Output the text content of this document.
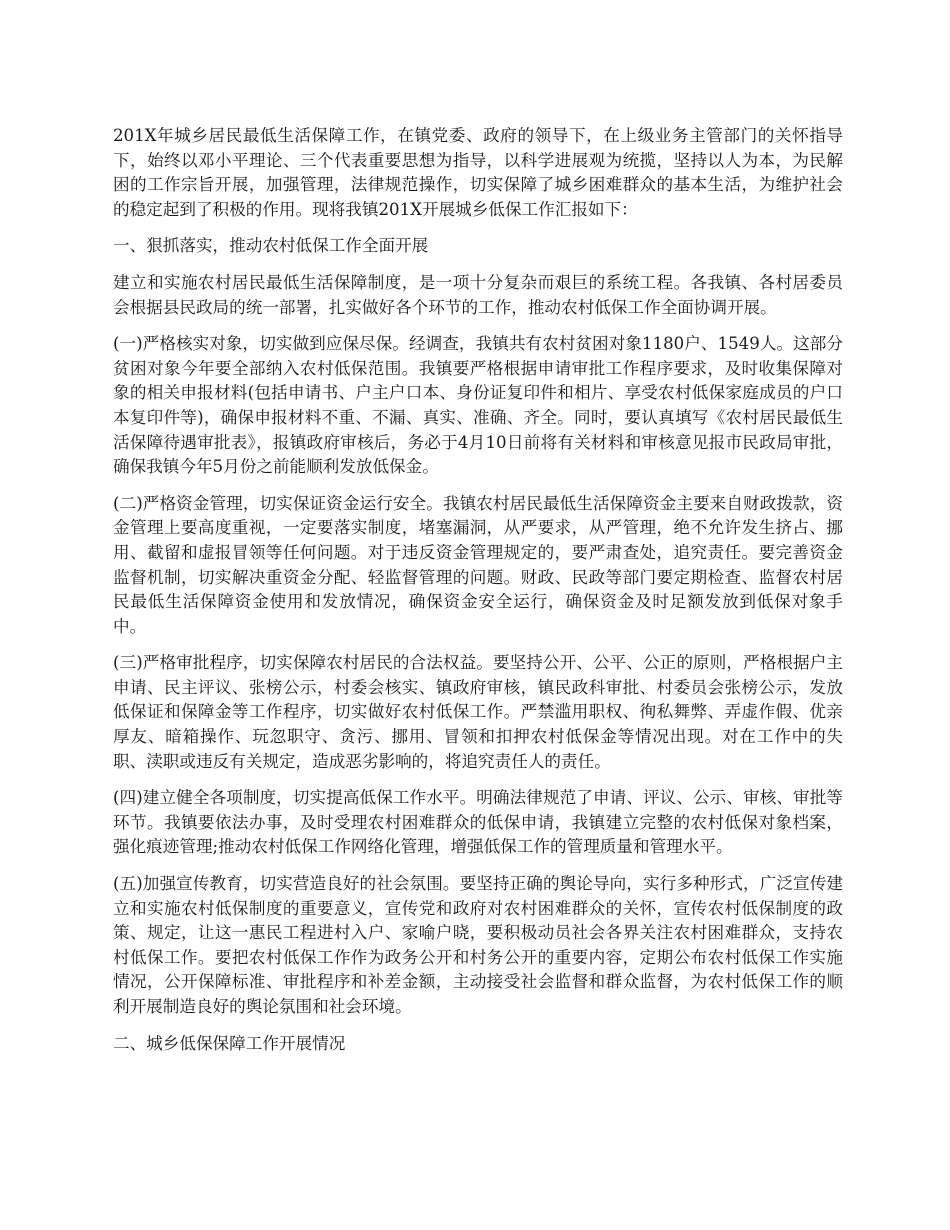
201X年城乡居民最低生活保障工作，在镇党委、政府的领导下，在上级业务主管部门的关怀指导下，始终以邓小平理论、三个代表重要思想为指导，以科学进展观为统揽，坚持以人为本，为民解困的工作宗旨开展，加强管理，法律规范操作，切实保障了城乡困难群众的基本生活，为维护社会的稳定起到了积极的作用。现将我镇201X开展城乡低保工作汇报如下：

一、狠抓落实，推动农村低保工作全面开展

建立和实施农村居民最低生活保障制度，是一项十分复杂而艰巨的系统工程。各我镇、各村居委员会根据县民政局的统一部署，扎实做好各个环节的工作，推动农村低保工作全面协调开展。

(一)严格核实对象，切实做到应保尽保。经调查，我镇共有农村贫困对象1180户、1549人。这部分贫困对象今年要全部纳入农村低保范围。我镇要严格根据申请审批工作程序要求，及时收集保障对象的相关申报材料(包括申请书、户主户口本、身份证复印件和相片、享受农村低保家庭成员的户口本复印件等)，确保申报材料不重、不漏、真实、准确、齐全。同时，要认真填写《农村居民最低生活保障待遇审批表》，报镇政府审核后，务必于4月10日前将有关材料和审核意见报市民政局审批，确保我镇今年5月份之前能顺利发放低保金。

(二)严格资金管理，切实保证资金运行安全。我镇农村居民最低生活保障资金主要来自财政拨款，资金管理上要高度重视，一定要落实制度，堵塞漏洞，从严要求，从严管理，绝不允许发生挤占、挪用、截留和虚报冒领等任何问题。对于违反资金管理规定的，要严肃查处，追究责任。要完善资金监督机制，切实解决重资金分配、轻监督管理的问题。财政、民政等部门要定期检查、监督农村居民最低生活保障资金使用和发放情况，确保资金安全运行，确保资金及时足额发放到低保对象手中。

(三)严格审批程序，切实保障农村居民的合法权益。要坚持公开、公平、公正的原则，严格根据户主申请、民主评议、张榜公示，村委会核实、镇政府审核，镇民政科审批、村委员会张榜公示，发放低保证和保障金等工作程序，切实做好农村低保工作。严禁滥用职权、徇私舞弊、弄虚作假、优亲厚友、暗箱操作、玩忽职守、贪污、挪用、冒领和扣押农村低保金等情况出现。对在工作中的失职、渎职或违反有关规定，造成恶劣影响的，将追究责任人的责任。

(四)建立健全各项制度，切实提高低保工作水平。明确法律规范了申请、评议、公示、审核、审批等环节。我镇要依法办事，及时受理农村困难群众的低保申请，我镇建立完整的农村低保对象档案，强化痕迹管理;推动农村低保工作网络化管理，增强低保工作的管理质量和管理水平。

(五)加强宣传教育，切实营造良好的社会氛围。要坚持正确的舆论导向，实行多种形式，广泛宣传建立和实施农村低保制度的重要意义，宣传党和政府对农村困难群众的关怀，宣传农村低保制度的政策、规定，让这一惠民工程进村入户、家喻户晓，要积极动员社会各界关注农村困难群众，支持农村低保工作。要把农村低保工作作为政务公开和村务公开的重要内容，定期公布农村低保工作实施情况，公开保障标准、审批程序和补差金额，主动接受社会监督和群众监督，为农村低保工作的顺利开展制造良好的舆论氛围和社会环境。

二、城乡低保保障工作开展情况
